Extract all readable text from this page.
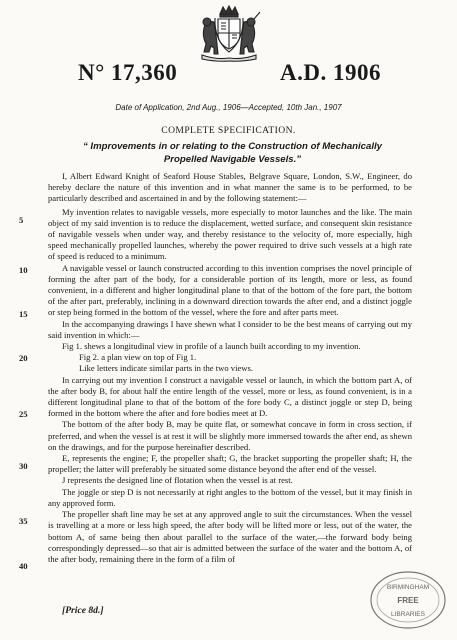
N° 17,360	A.D. 1906
Date of Application, 2nd Aug., 1906—Accepted, 10th Jan., 1907
COMPLETE SPECIFICATION.
“ Improvements in or relating to the Construction of Mechanically
Propelled Navigable Vessels.”
5
10
15
20
25
30
35
40

I, Albert Edward Knight of Seaford House Stables, Belgrave Square, London, S.W., Engineer, do hereby declare the nature of this invention and in what manner the same is to be performed, to be particularly described and ascertained in and by the following statement:—

My invention relates to navigable vessels, more especially to motor launches and the like. The main object of my said invention is to reduce the displacement, wetted surface, and consequent skin resistance of navigable vessels when under way, and thereby resistance to the velocity of, more especially, high speed mechanically propelled launches, whereby the power required to drive such vessels at a high rate of speed is reduced to a minimum.

A navigable vessel or launch constructed according to this invention comprises the novel principle of forming the after part of the body, for a considerable portion of its length, more or less, as found convenient, in a different and higher longitudinal plane to that of the bottom of the fore part, the bottom of the after part, preferably, inclining in a downward direction towards the after end, and a distinct joggle or step being formed in the bottom of the vessel, where the fore and after parts meet.

In the accompanying drawings I have shewn what I consider to be the best means of carrying out my said invention in which:—

Fig 1. shews a longitudinal view in profile of a launch built according to my invention.

Fig 2. a plan view on top of Fig 1.

Like letters indicate similar parts in the two views.

In carrying out my invention I construct a navigable vessel or launch, in which the bottom part A, of the after body B, for about half the entire length of the vessel, more or less, as found convenient, is in a different longitudinal plane to that of the bottom of the fore body C, a distinct joggle or step D, being formed in the bottom where the after and fore bodies meet at D.

The bottom of the after body B, may be quite flat, or somewhat concave in form in cross section, if preferred, and when the vessel is at rest it will be slightly more immersed towards the after end, as shewn on the drawings, and for the purpose hereinafter described.

E, represents the engine; F, the propeller shaft; G, the bracket supporting the propeller shaft; H, the propeller; the latter will preferably be situated some distance beyond the after end of the vessel.

J represents the designed line of flotation when the vessel is at rest.

The joggle or step D is not necessarily at right angles to the bottom of the vessel, but it may finish in any approved form.

The propeller shaft line may be set at any approved angle to suit the circumstances. When the vessel is travelling at a more or less high speed, the after body will be lifted more or less, out of the water, the bottom A, of same being then about parallel to the surface of the water,—the forward body being correspondingly depressed—so that air is admitted between the surface of the water and the bottom A, of the after body, remaining there in the form of a film of

[Price 8d.]
BIRMINGHAM
FREE
LIBRARIES
